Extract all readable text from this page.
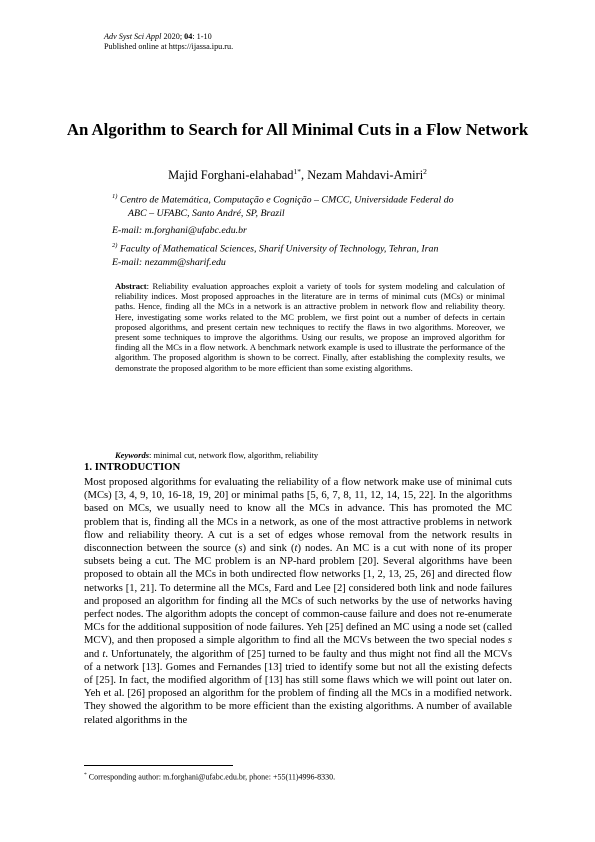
Adv Syst Sci Appl 2020; 04: 1-10
Published online at https://ijassa.ipu.ru.
An Algorithm to Search for All Minimal Cuts in a Flow Network
Majid Forghani-elahabad$^{1*}$, Nezam Mahdavi-Amiri$^2$
$^{1)}$ Centro de Matemática, Computação e Cognição – CMCC, Universidade Federal do
ABC – UFABC, Santo André, SP, Brazil
E-mail: m.forghani@ufabc.edu.br
$^{2)}$ Faculty of Mathematical Sciences, Sharif University of Technology, Tehran, Iran
E-mail: nezamm@sharif.edu
Abstract: Reliability evaluation approaches exploit a variety of tools for system modeling and calculation of reliability indices. Most proposed approaches in the literature are in terms of minimal cuts (MCs) or minimal paths. Hence, finding all the MCs in a network is an attractive problem in network flow and reliability theory. Here, investigating some works related to the MC problem, we first point out a number of defects in certain proposed algorithms, and present certain new techniques to rectify the flaws in two algorithms. Moreover, we present some techniques to improve the algorithms. Using our results, we propose an improved algorithm for finding all the MCs in a flow network. A benchmark network example is used to illustrate the performance of the algorithm. The proposed algorithm is shown to be correct. Finally, after establishing the complexity results, we demonstrate the proposed algorithm to be more efficient than some existing algorithms.
Keywords: minimal cut, network flow, algorithm, reliability
1. INTRODUCTION
Most proposed algorithms for evaluating the reliability of a flow network make use of minimal cuts (MCs) [3, 4, 9, 10, 16-18, 19, 20] or minimal paths [5, 6, 7, 8, 11, 12, 14, 15, 22]. In the algorithms based on MCs, we usually need to know all the MCs in advance. This has promoted the MC problem that is, finding all the MCs in a network, as one of the most attractive problems in network flow and reliability theory. A cut is a set of edges whose removal from the network results in disconnection between the source (s) and sink (t) nodes. An MC is a cut with none of its proper subsets being a cut. The MC problem is an NP-hard problem [20]. Several algorithms have been proposed to obtain all the MCs in both undirected flow networks [1, 2, 13, 25, 26] and directed flow networks [1, 21]. To determine all the MCs, Fard and Lee [2] considered both link and node failures and proposed an algorithm for finding all the MCs of such networks by the use of networks having perfect nodes. The algorithm adopts the concept of common-cause failure and does not re-enumerate MCs for the additional supposition of node failures. Yeh [25] defined an MC using a node set (called MCV), and then proposed a simple algorithm to find all the MCVs between the two special nodes s and t. Unfortunately, the algorithm of [25] turned to be faulty and thus might not find all the MCVs of a network [13]. Gomes and Fernandes [13] tried to identify some but not all the existing defects of [25]. In fact, the modified algorithm of [13] has still some flaws which we will point out later on. Yeh et al. [26] proposed an algorithm for the problem of finding all the MCs in a modified network. They showed the algorithm to be more efficient than the existing algorithms. A number of available related algorithms in the
* Corresponding author: m.forghani@ufabc.edu.br, phone: +55(11)4996-8330.
